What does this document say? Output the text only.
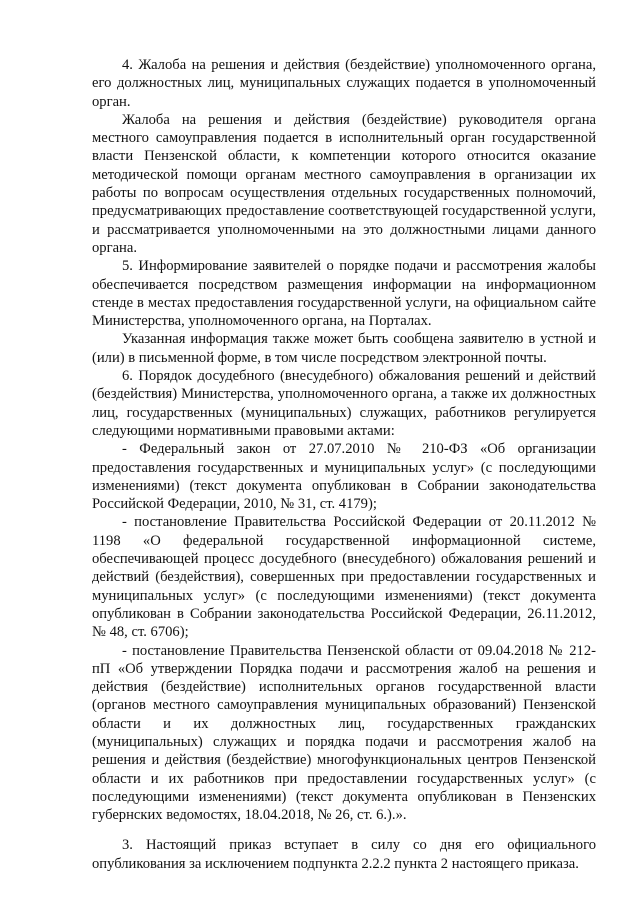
4. Жалоба на решения и действия (бездействие) уполномоченного органа, его должностных лиц, муниципальных служащих подается в уполномоченный орган.

Жалоба на решения и действия (бездействие) руководителя органа местного самоуправления подается в исполнительный орган государственной власти Пензенской области, к компетенции которого относится оказание методической помощи органам местного самоуправления в организации их работы по вопросам осуществления отдельных государственных полномочий, предусматривающих предоставление соответствующей государственной услуги, и рассматривается уполномоченными на это должностными лицами данного органа.

5. Информирование заявителей о порядке подачи и рассмотрения жалобы обеспечивается посредством размещения информации на информационном стенде в местах предоставления государственной услуги, на официальном сайте Министерства, уполномоченного органа, на Порталах.

Указанная информация также может быть сообщена заявителю в устной и (или) в письменной форме, в том числе посредством электронной почты.

6. Порядок досудебного (внесудебного) обжалования решений и действий (бездействия) Министерства, уполномоченного органа, а также их должностных лиц, государственных (муниципальных) служащих, работников регулируется следующими нормативными правовыми актами:

- Федеральный закон от 27.07.2010 № 210-ФЗ «Об организации предоставления государственных и муниципальных услуг» (с последующими изменениями) (текст документа опубликован в Собрании законодательства Российской Федерации, 2010, № 31, ст. 4179);

- постановление Правительства Российской Федерации от 20.11.2012 № 1198 «О федеральной государственной информационной системе, обеспечивающей процесс досудебного (внесудебного) обжалования решений и действий (бездействия), совершенных при предоставлении государственных и муниципальных услуг» (с последующими изменениями) (текст документа опубликован в Собрании законодательства Российской Федерации, 26.11.2012, № 48, ст. 6706);

- постановление Правительства Пензенской области от 09.04.2018 № 212-пП «Об утверждении Порядка подачи и рассмотрения жалоб на решения и действия (бездействие) исполнительных органов государственной власти (органов местного самоуправления муниципальных образований) Пензенской области и их должностных лиц, государственных гражданских (муниципальных) служащих и порядка подачи и рассмотрения жалоб на решения и действия (бездействие) многофункциональных центров Пензенской области и их работников при предоставлении государственных услуг» (с последующими изменениями) (текст документа опубликован в Пензенских губернских ведомостях, 18.04.2018, № 26, ст. 6.).».

3. Настоящий приказ вступает в силу со дня его официального опубликования за исключением подпункта 2.2.2 пункта 2 настоящего приказа.
